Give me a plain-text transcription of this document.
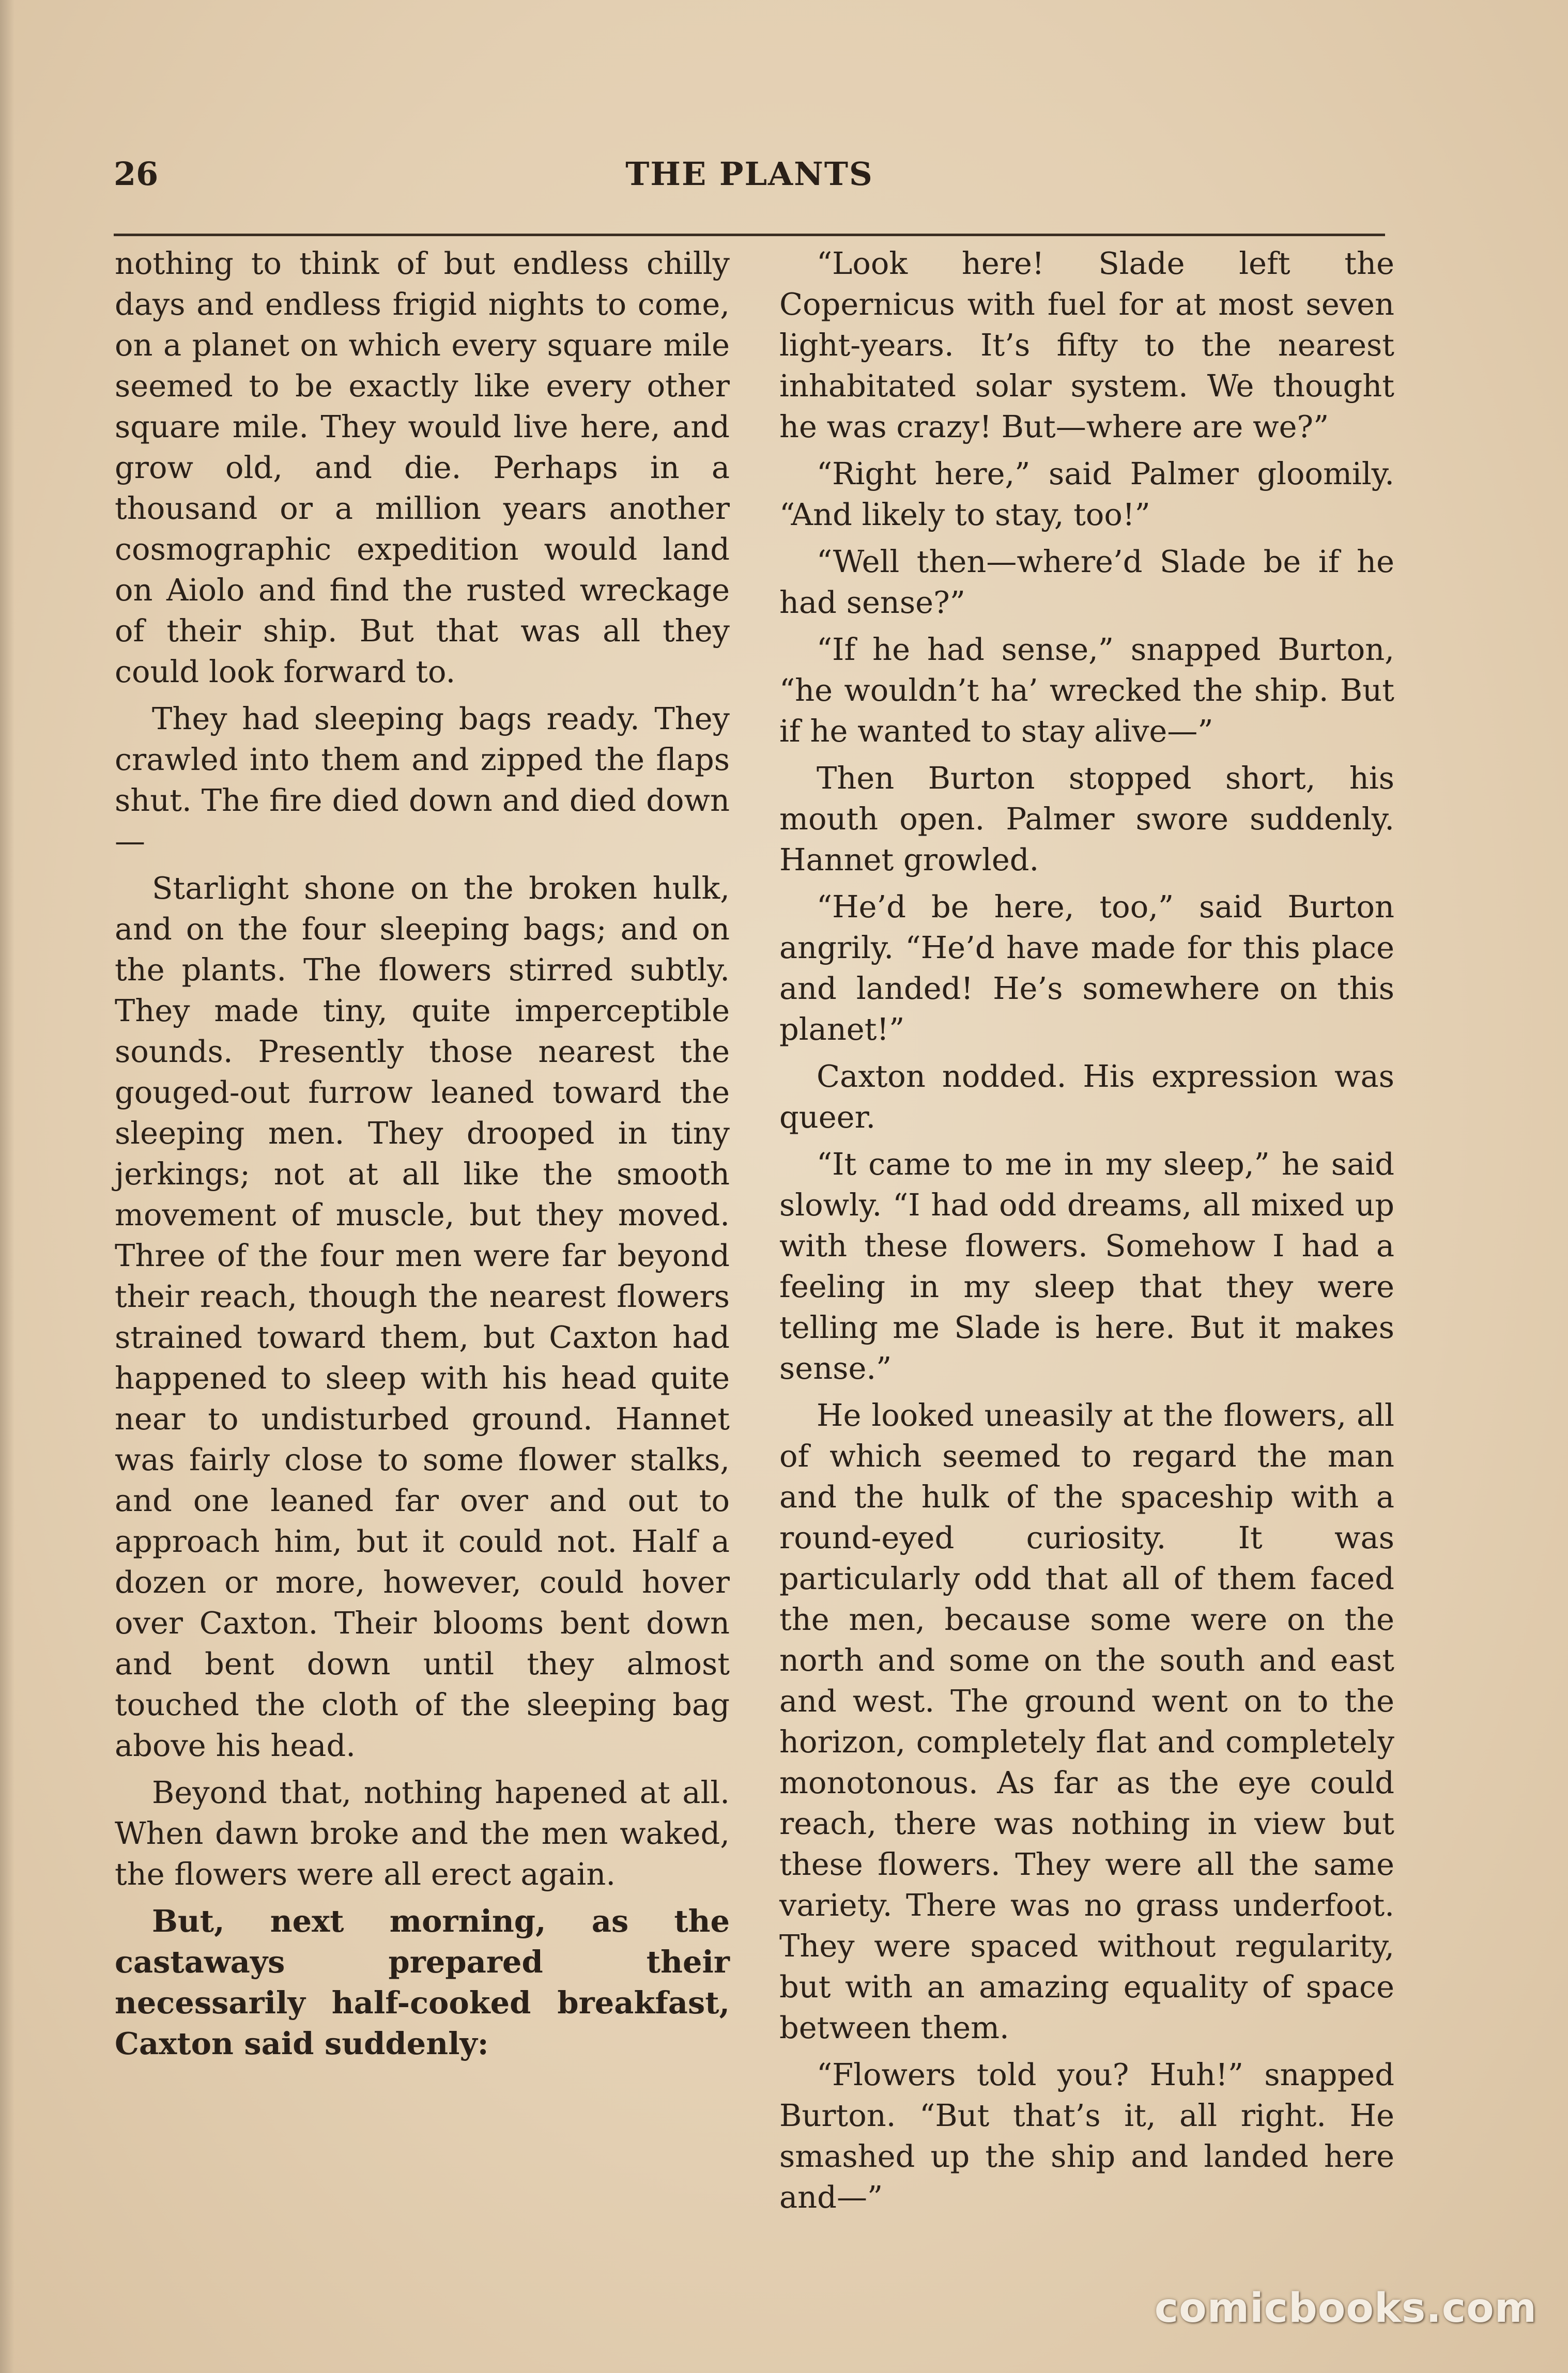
26	THE PLANTS

nothing to think of but endless chilly days and endless frigid nights to come, on a planet on which every square mile seemed to be exactly like every other square mile. They would live here, and grow old, and die. Perhaps in a thousand or a million years another cosmographic expedition would land on Aiolo and find the rusted wreckage of their ship. But that was all they could look forward to.

They had sleeping bags ready. They crawled into them and zipped the flaps shut. The fire died down and died down—

Starlight shone on the broken hulk, and on the four sleeping bags; and on the plants. The flowers stirred subtly. They made tiny, quite imperceptible sounds. Presently those nearest the gouged-out furrow leaned toward the sleeping men. They drooped in tiny jerkings; not at all like the smooth movement of muscle, but they moved. Three of the four men were far beyond their reach, though the nearest flowers strained toward them, but Caxton had happened to sleep with his head quite near to undisturbed ground. Hannet was fairly close to some flower stalks, and one leaned far over and out to approach him, but it could not. Half a dozen or more, however, could hover over Caxton. Their blooms bent down and bent down until they almost touched the cloth of the sleeping bag above his head.

Beyond that, nothing hapened at all. When dawn broke and the men waked, the flowers were all erect again.

But, next morning, as the castaways prepared their necessarily half-cooked breakfast, Caxton said suddenly:

“Look here! Slade left the Copernicus with fuel for at most seven light-years. It’s fifty to the nearest inhabitated solar system. We thought he was crazy! But—where are we?”

“Right here,” said Palmer gloomily. “And likely to stay, too!”

“Well then—where’d Slade be if he had sense?”

“If he had sense,” snapped Burton, “he wouldn’t ha’ wrecked the ship. But if he wanted to stay alive—”

Then Burton stopped short, his mouth open. Palmer swore suddenly. Hannet growled.

“He’d be here, too,” said Burton angrily. “He’d have made for this place and landed! He’s somewhere on this planet!”

Caxton nodded. His expression was queer.

“It came to me in my sleep,” he said slowly. “I had odd dreams, all mixed up with these flowers. Somehow I had a feeling in my sleep that they were telling me Slade is here. But it makes sense.”

He looked uneasily at the flowers, all of which seemed to regard the man and the hulk of the spaceship with a round-eyed curiosity. It was particularly odd that all of them faced the men, because some were on the north and some on the south and east and west. The ground went on to the horizon, completely flat and completely monotonous. As far as the eye could reach, there was nothing in view but these flowers. They were all the same variety. There was no grass underfoot. They were spaced without regularity, but with an amazing equality of space between them.

“Flowers told you? Huh!” snapped Burton. “But that’s it, all right. He smashed up the ship and landed here and—”

comicbooks.com
